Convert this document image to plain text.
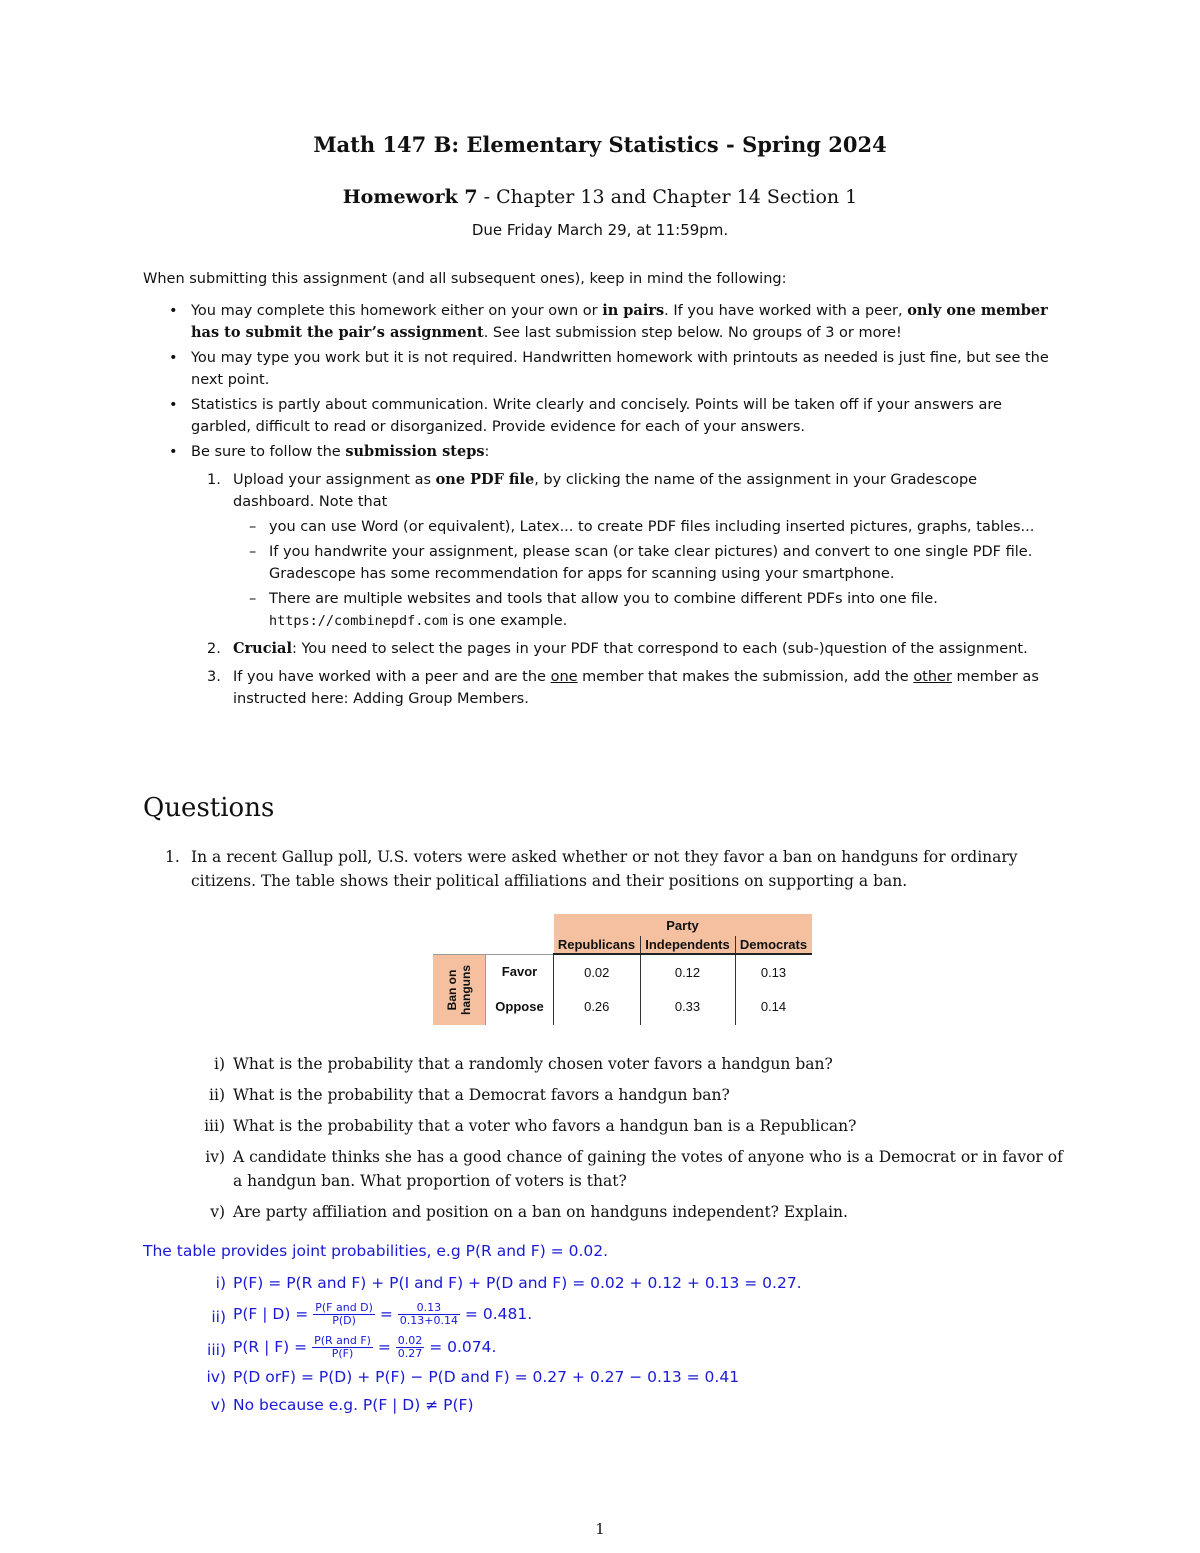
Math 147 B: Elementary Statistics - Spring 2024
Homework 7 - Chapter 13 and Chapter 14 Section 1
Due Friday March 29, at 11:59pm.
When submitting this assignment (and all subsequent ones), keep in mind the following:
• You may complete this homework either on your own or in pairs. If you have worked with a peer, only one member has to submit the pair’s assignment. See last submission step below. No groups of 3 or more!
• You may type you work but it is not required. Handwritten homework with printouts as needed is just fine, but see the next point.
• Statistics is partly about communication. Write clearly and concisely. Points will be taken off if your answers are garbled, difficult to read or disorganized. Provide evidence for each of your answers.
• Be sure to follow the submission steps:
1. Upload your assignment as one PDF file, by clicking the name of the assignment in your Gradescope dashboard. Note that
– you can use Word (or equivalent), Latex... to create PDF files including inserted pictures, graphs, tables...
– If you handwrite your assignment, please scan (or take clear pictures) and convert to one single PDF file. Gradescope has some recommendation for apps for scanning using your smartphone.
– There are multiple websites and tools that allow you to combine different PDFs into one file. https://combinepdf.com is one example.
2. Crucial: You need to select the pages in your PDF that correspond to each (sub-)question of the assignment.
3. If you have worked with a peer and are the one member that makes the submission, add the other member as instructed here: Adding Group Members.
Questions
1. In a recent Gallup poll, U.S. voters were asked whether or not they favor a ban on handguns for ordinary citizens. The table shows their political affiliations and their positions on supporting a ban.
		Party		
		Republicans	Independents	Democrats

Ban on hanguns	Favor	0.02	0.12	0.13
	Oppose	0.26	0.33	0.14
i) What is the probability that a randomly chosen voter favors a handgun ban?
ii) What is the probability that a Democrat favors a handgun ban?
iii) What is the probability that a voter who favors a handgun ban is a Republican?
iv) A candidate thinks she has a good chance of gaining the votes of anyone who is a Democrat or in favor of a handgun ban. What proportion of voters is that?
v) Are party affiliation and position on a ban on handguns independent? Explain.
The table provides joint probabilities, e.g P(R and F) = 0.02.
i) P(F) = P(R and F) + P(I and F) + P(D and F) = 0.02 + 0.12 + 0.13 = 0.27.
ii) P(F | $D) = \frac{\text{P(F and D)}}{P(D)} = \frac{0.13}{0.13+0.14} = 0.481$.
iii) P(R | $F) = \frac{\text{P(R and F)}}{P(F)} = \frac{0.02}{0.27} = 0.074$.
iv) P(D orF) = P(D) + P(F) − P(D and F) = 0.27 + 0.27 − 0.13 = 0.41
v) No because e.g. P(F | D) ≠ P(F)
1
